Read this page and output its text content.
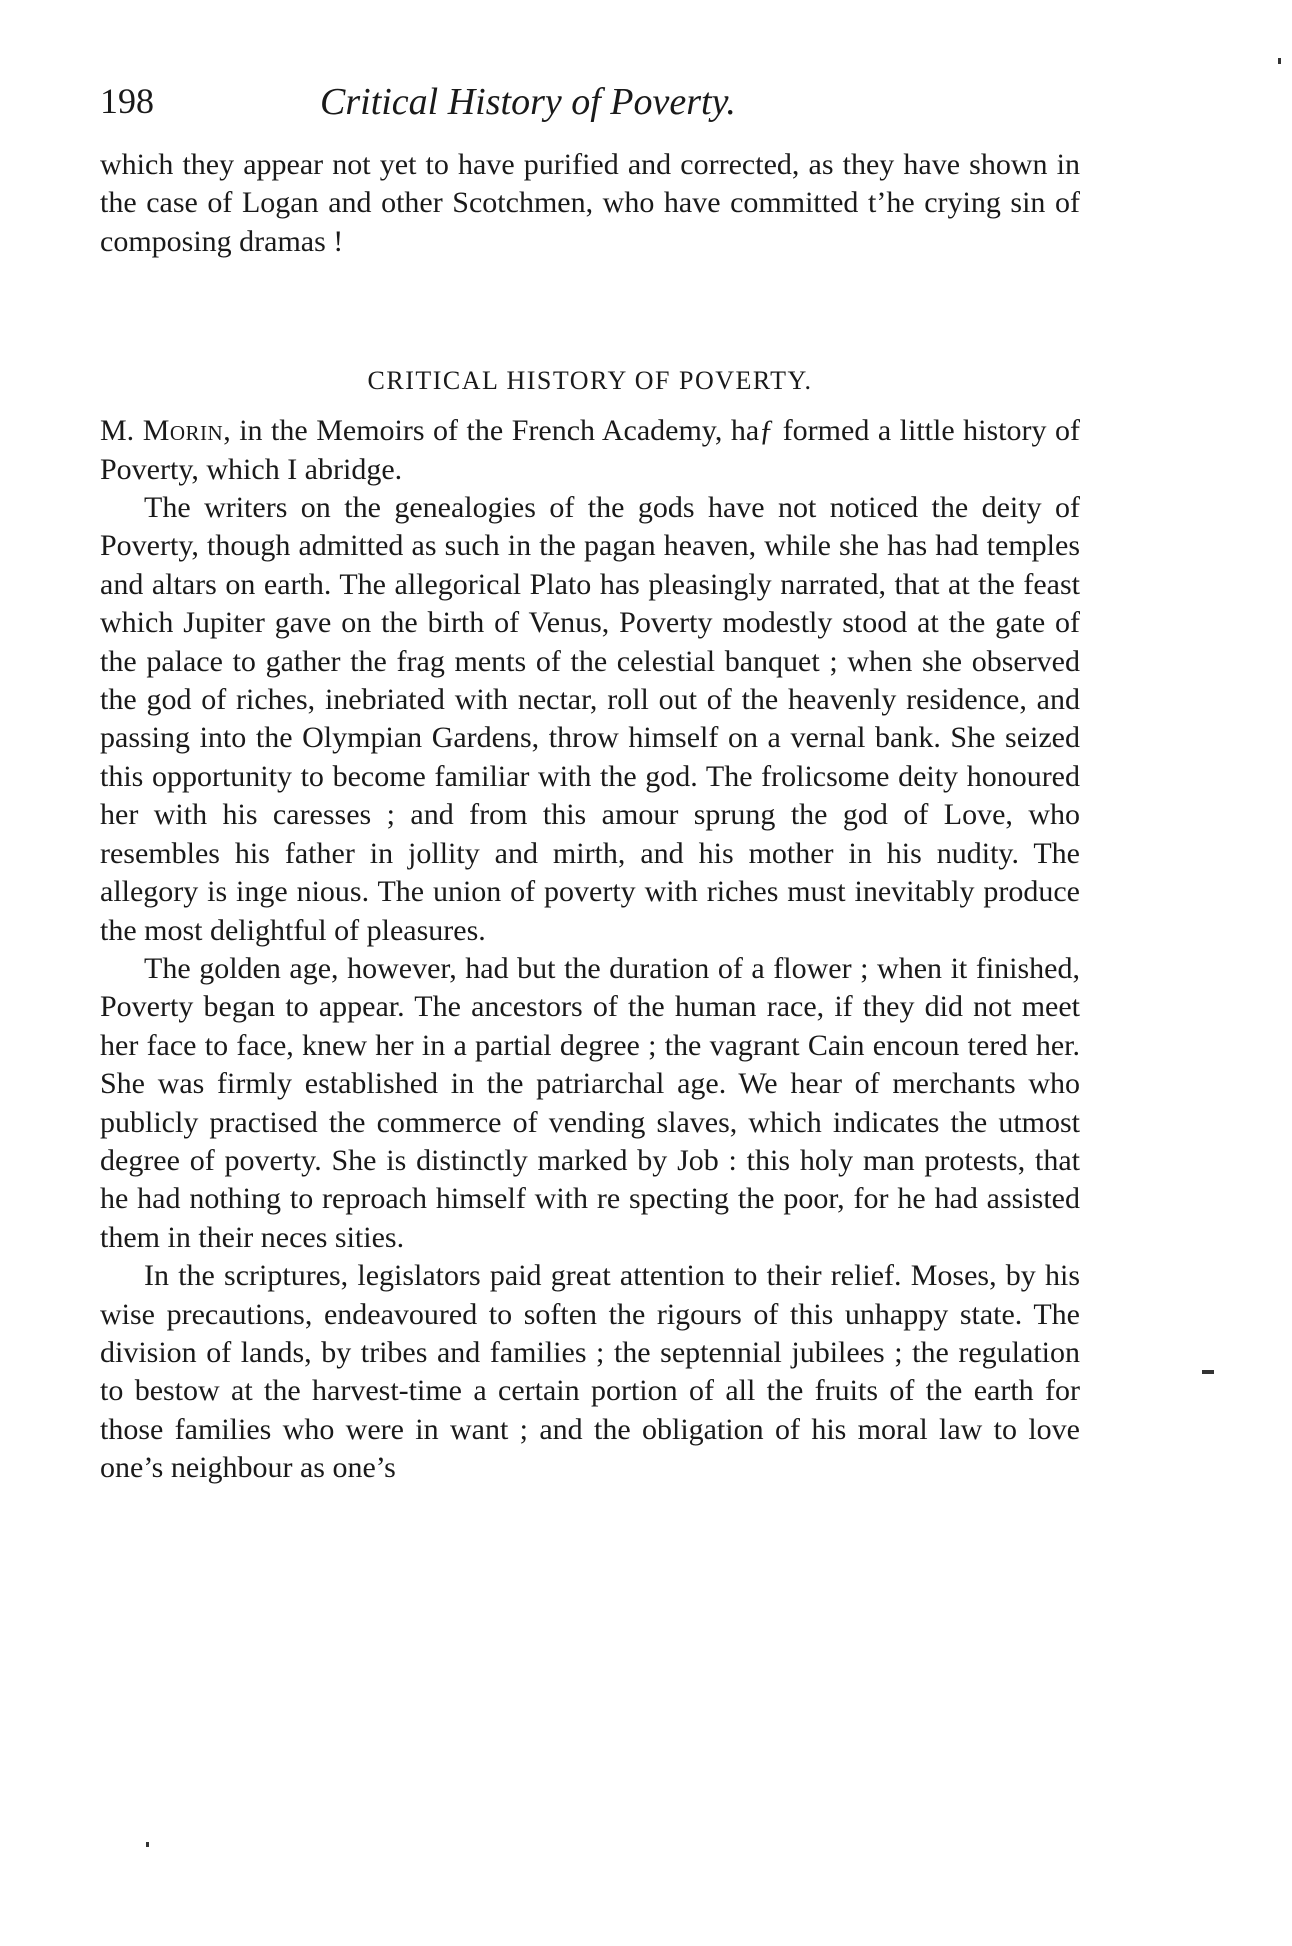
198	Critical History of Poverty.

which they appear not yet to have purified and corrected, as they have shown in the case of Logan and other Scotchmen, who have committed t’he crying sin of composing dramas !

CRITICAL HISTORY OF POVERTY.

M. Morin, in the Memoirs of the French Academy, haƒ formed a little history of Poverty, which I abridge.

The writers on the genealogies of the gods have not noticed the deity of Poverty, though admitted as such in the pagan heaven, while she has had temples and altars on earth. The allegorical Plato has pleasingly narrated, that at the feast which Jupiter gave on the birth of Venus, Poverty modestly stood at the gate of the palace to gather the frag ments of the celestial banquet ; when she observed the god of riches, inebriated with nectar, roll out of the heavenly residence, and passing into the Olympian Gardens, throw himself on a vernal bank. She seized this opportunity to become familiar with the god. The frolicsome deity honoured her with his caresses ; and from this amour sprung the god of Love, who resembles his father in jollity and mirth, and his mother in his nudity. The allegory is inge nious. The union of poverty with riches must inevitably produce the most delightful of pleasures.

The golden age, however, had but the duration of a flower ; when it finished, Poverty began to appear. The ancestors of the human race, if they did not meet her face to face, knew her in a partial degree ; the vagrant Cain encoun tered her. She was firmly established in the patriarchal age. We hear of merchants who publicly practised the commerce of vending slaves, which indicates the utmost degree of poverty. She is distinctly marked by Job : this holy man protests, that he had nothing to reproach himself with re specting the poor, for he had assisted them in their neces sities.

In the scriptures, legislators paid great attention to their relief. Moses, by his wise precautions, endeavoured to soften the rigours of this unhappy state. The division of lands, by tribes and families ; the septennial jubilees ; the regulation to bestow at the harvest-time a certain portion of all the fruits of the earth for those families who were in want ; and the obligation of his moral law to love one’s neighbour as one’s
